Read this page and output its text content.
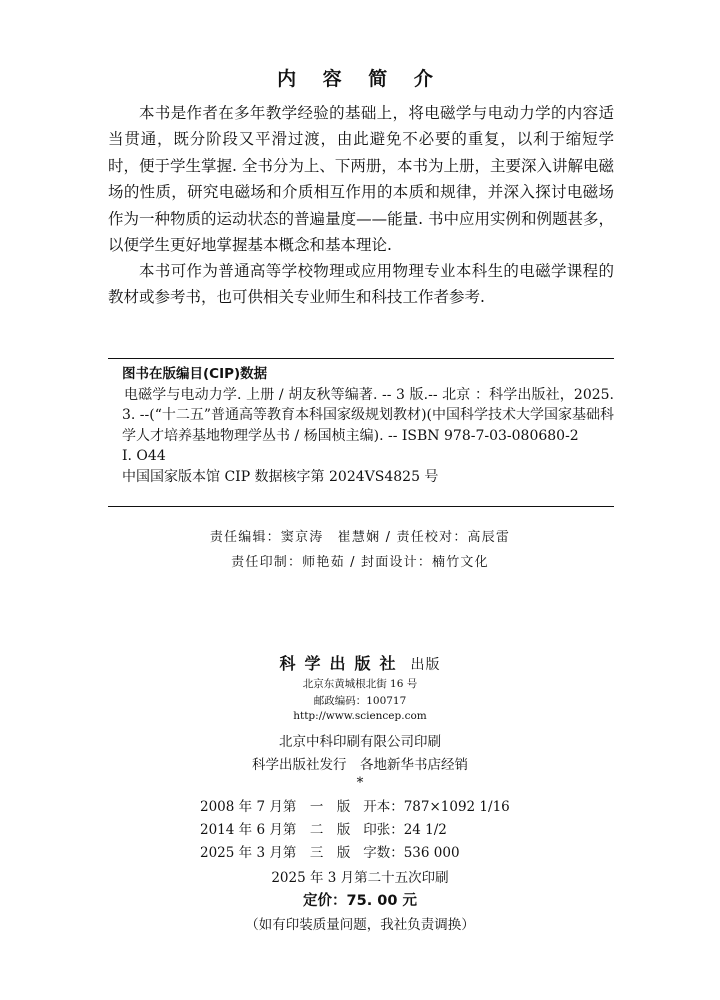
内 容 简 介

本书是作者在多年教学经验的基础上，将电磁学与电动力学的内容适当贯通，既分阶段又平滑过渡，由此避免不必要的重复，以利于缩短学时，便于学生掌握. 全书分为上、下两册，本书为上册，主要深入讲解电磁场的性质，研究电磁场和介质相互作用的本质和规律，并深入探讨电磁场作为一种物质的运动状态的普遍量度——能量. 书中应用实例和例题甚多，以便学生更好地掌握基本概念和基本理论.

本书可作为普通高等学校物理或应用物理专业本科生的电磁学课程的教材或参考书，也可供相关专业师生和科技工作者参考.

图书在版编目(CIP)数据
电磁学与电动力学. 上册 / 胡友秋等编著. -- 3 版.-- 北京 ：科学出版社，2025. 3. --(“十二五”普通高等教育本科国家级规划教材)(中国科学技术大学国家基础科学人才培养基地物理学丛书 / 杨国桢主编). -- ISBN 978-7-03-080680-2
Ⅰ. O44
中国国家版本馆 CIP 数据核字第 2024VS4825 号
责任编辑：窦京涛　崔慧娴 / 责任校对：高辰雷
责任印制：师艳茹 / 封面设计：楠竹文化
科学出版社 出版
北京东黄城根北街 16 号
邮政编码：100717
http://www.sciencep.com
北京中科印刷有限公司印刷
科学出版社发行　各地新华书店经销
*
2008 年 7 月第　一　版 开本：787×1092 1/16
2014 年 6 月第　二　版 印张：24 1/2
2025 年 3 月第　三　版 字数：536 000
2025 年 3 月第二十五次印刷
定价：75. 00 元
（如有印装质量问题，我社负责调换）
